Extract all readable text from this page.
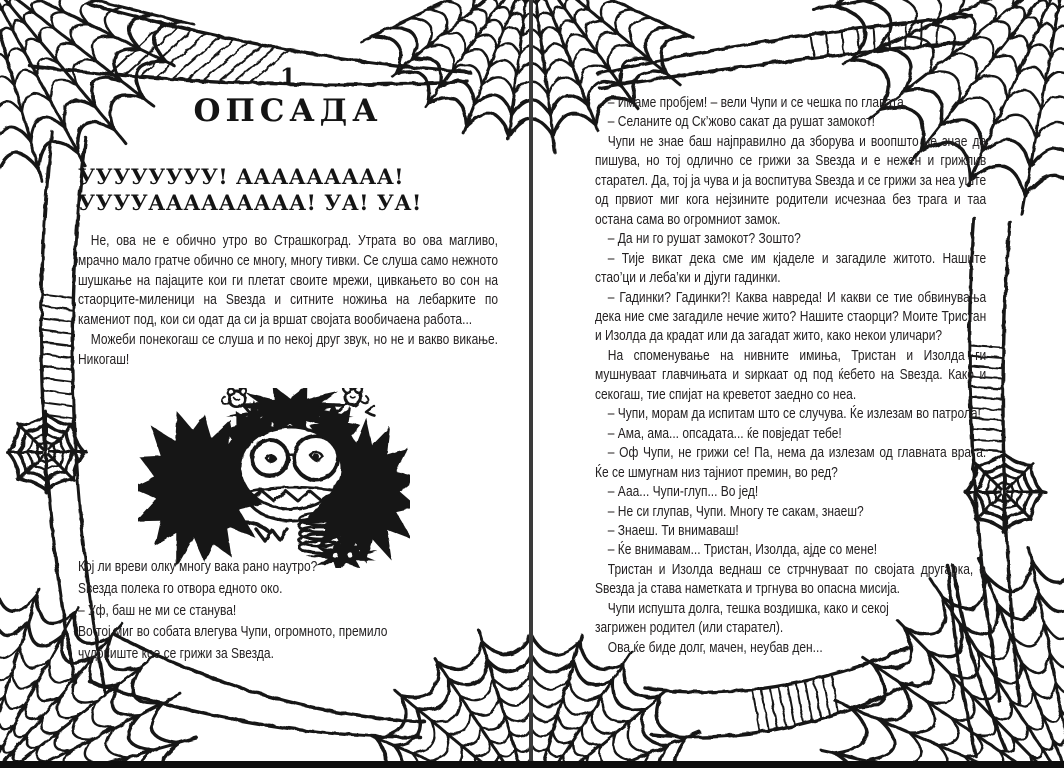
1
ОПСАДА
УУУУУУУУ! ААААААААА!
УУУУААААААААА! УА! УА!

Не, ова не е обично утро во Страшкоград. Утрата во ова магливо, мрачно мало гратче обично се многу, многу тивки. Се слуша само нежното шушкање на пајаците кои ги плетат своите мрежи, цивкањето во сон на стаорците-миленици на Ѕвезда и ситните ножиња на лебарките по камениот под, кои си одат да си ја вршат својата вообичаена работа...

Можеби понекогаш се слуша и по некој друг звук, но не и вакво викање. Никогаш!

Кој ли вреви олку многу вака рано наутро?

Ѕвезда полека го отвора едното око.

– Уф, баш не ми се станува!

Во тој миг во собата влегува Чупи, огромното, премило

чудовиште кое се грижи за Ѕвезда.

– Имаме пробјем! – вели Чупи и се чешка по главата.

– Селаните од Ск’жово сакат да рушат замокот!

Чупи не знае баш најправилно да зборува и воопшто не знае да пишува, но тој одлично се грижи за Ѕвезда и е нежен и грижлив старател. Да, тој ја чува и ја воспитува Ѕвезда и се грижи за неа уште од првиот миг кога нејзините родители исчезнаа без трага и таа остана сама во огромниот замок.

– Да ни го рушат замокот? Зошто?

– Тије викат дека сме им кјаделе и загадиле житото. Нашите стао’ци и леба’ки и дјуги гадинки.

– Гадинки? Гадинки?! Каква навреда! И какви се тие обвинувања дека ние сме загадиле нечие жито? Нашите стаорци? Моите Тристан и Изолда да крадат или да загадат жито, како некои уличари?

На споменување на нивните имиња, Тристан и Изолда ги мушнуваат главчињата и ѕиркаат од под ќебето на Ѕвезда. Како и секогаш, тие спијат на креветот заедно со неа.

– Чупи, морам да испитам што се случува. Ќе излезам во патрола!

– Ама, ама... опсадата... ќе повједат тебе!

– Оф Чупи, не грижи се! Па, нема да излезам од главната врата. Ќе се шмугнам низ тајниот премин, во ред?

– Ааа... Чупи-глуп... Во јед!

– Не си глупав, Чупи. Многу те сакам, знаеш?

– Знаеш. Ти внимаваш!

– Ќе внимавам... Тристан, Изолда, ајде со мене!

Тристан и Изолда веднаш се стрчнуваат по својата другарка, а Ѕвезда ја става наметката и тргнува во опасна мисија.

Чупи испушта долга, тешка воздишка, како и секој

загрижен родител (или старател).

Ова ќе биде долг, мачен, неубав ден...
